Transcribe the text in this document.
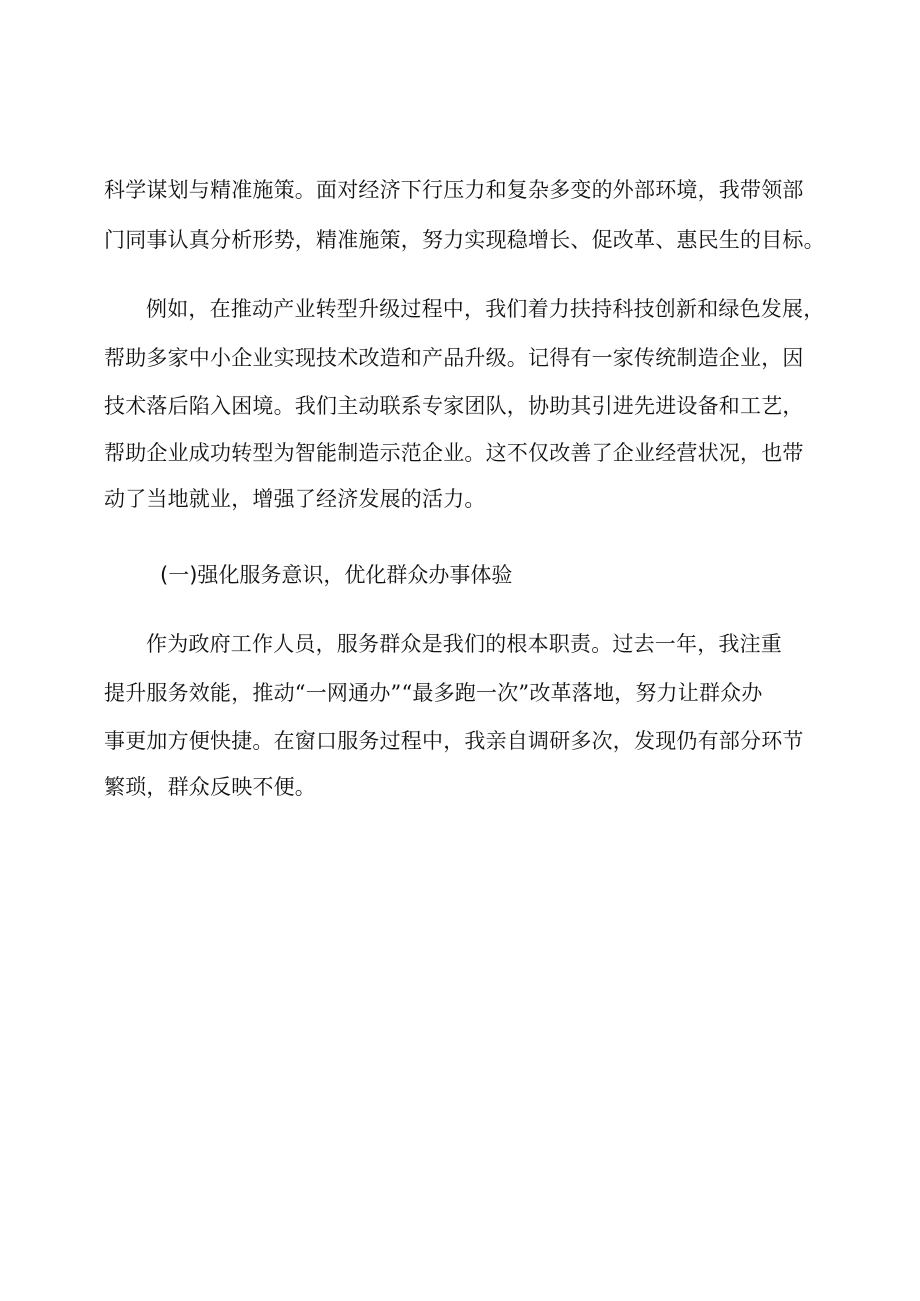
科学谋划与精准施策。面对经济下行压力和复杂多变的外部环境，我带领部
门同事认真分析形势，精准施策，努力实现稳增长、促改革、惠民生的目标。
例如，在推动产业转型升级过程中，我们着力扶持科技创新和绿色发展，
帮助多家中小企业实现技术改造和产品升级。记得有一家传统制造企业，因
技术落后陷入困境。我们主动联系专家团队，协助其引进先进设备和工艺，
帮助企业成功转型为智能制造示范企业。这不仅改善了企业经营状况，也带
动了当地就业，增强了经济发展的活力。
(一)强化服务意识，优化群众办事体验
作为政府工作人员，服务群众是我们的根本职责。过去一年，我注重
提升服务效能，推动“一网通办”“最多跑一次”改革落地，努力让群众办
事更加方便快捷。在窗口服务过程中，我亲自调研多次，发现仍有部分环节
繁琐，群众反映不便。
